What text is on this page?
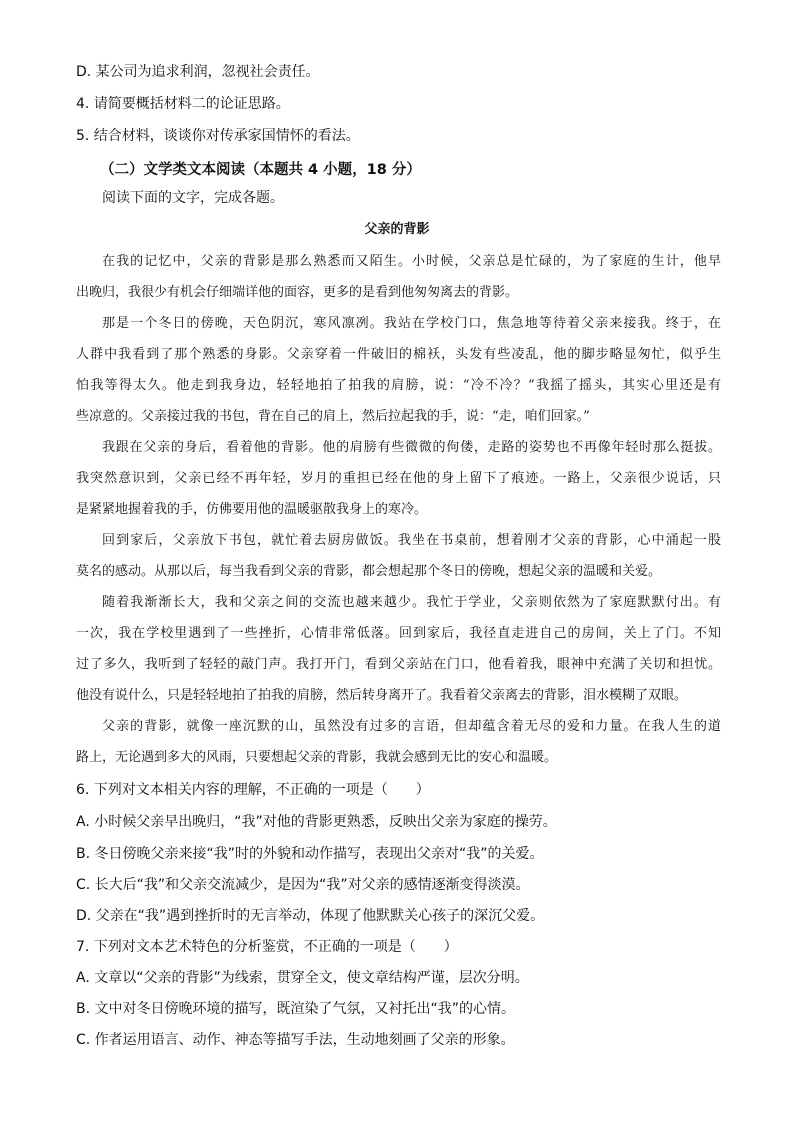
D. 某公司为追求利润，忽视社会责任。
4. 请简要概括材料二的论证思路。
5. 结合材料，谈谈你对传承家国情怀的看法。
（二）文学类文本阅读（本题共 4 小题，18 分）
阅读下面的文字，完成各题。
父亲的背影
在我的记忆中，父亲的背影是那么熟悉而又陌生。小时候，父亲总是忙碌的，为了家庭的生计，他早
出晚归，我很少有机会仔细端详他的面容，更多的是看到他匆匆离去的背影。
那是一个冬日的傍晚，天色阴沉，寒风凛冽。我站在学校门口，焦急地等待着父亲来接我。终于，在
人群中我看到了那个熟悉的身影。父亲穿着一件破旧的棉袄，头发有些凌乱，他的脚步略显匆忙，似乎生
怕我等得太久。他走到我身边，轻轻地拍了拍我的肩膀，说：“冷不冷？”我摇了摇头，其实心里还是有
些凉意的。父亲接过我的书包，背在自己的肩上，然后拉起我的手，说：“走，咱们回家。”
我跟在父亲的身后，看着他的背影。他的肩膀有些微微的佝偻，走路的姿势也不再像年轻时那么挺拔。
我突然意识到，父亲已经不再年轻，岁月的重担已经在他的身上留下了痕迹。一路上，父亲很少说话，只
是紧紧地握着我的手，仿佛要用他的温暖驱散我身上的寒冷。
回到家后，父亲放下书包，就忙着去厨房做饭。我坐在书桌前，想着刚才父亲的背影，心中涌起一股
莫名的感动。从那以后，每当我看到父亲的背影，都会想起那个冬日的傍晚，想起父亲的温暖和关爱。
随着我渐渐长大，我和父亲之间的交流也越来越少。我忙于学业，父亲则依然为了家庭默默付出。有
一次，我在学校里遇到了一些挫折，心情非常低落。回到家后，我径直走进自己的房间，关上了门。不知
过了多久，我听到了轻轻的敲门声。我打开门，看到父亲站在门口，他看着我，眼神中充满了关切和担忧。
他没有说什么，只是轻轻地拍了拍我的肩膀，然后转身离开了。我看着父亲离去的背影，泪水模糊了双眼。
父亲的背影，就像一座沉默的山，虽然没有过多的言语，但却蕴含着无尽的爱和力量。在我人生的道
路上，无论遇到多大的风雨，只要想起父亲的背影，我就会感到无比的安心和温暖。
6. 下列对文本相关内容的理解，不正确的一项是（　　）
A. 小时候父亲早出晚归，“我”对他的背影更熟悉，反映出父亲为家庭的操劳。
B. 冬日傍晚父亲来接“我”时的外貌和动作描写，表现出父亲对“我”的关爱。
C. 长大后“我”和父亲交流减少，是因为“我”对父亲的感情逐渐变得淡漠。
D. 父亲在“我”遇到挫折时的无言举动，体现了他默默关心孩子的深沉父爱。
7. 下列对文本艺术特色的分析鉴赏，不正确的一项是（　　）
A. 文章以“父亲的背影”为线索，贯穿全文，使文章结构严谨，层次分明。
B. 文中对冬日傍晚环境的描写，既渲染了气氛，又衬托出“我”的心情。
C. 作者运用语言、动作、神态等描写手法，生动地刻画了父亲的形象。
